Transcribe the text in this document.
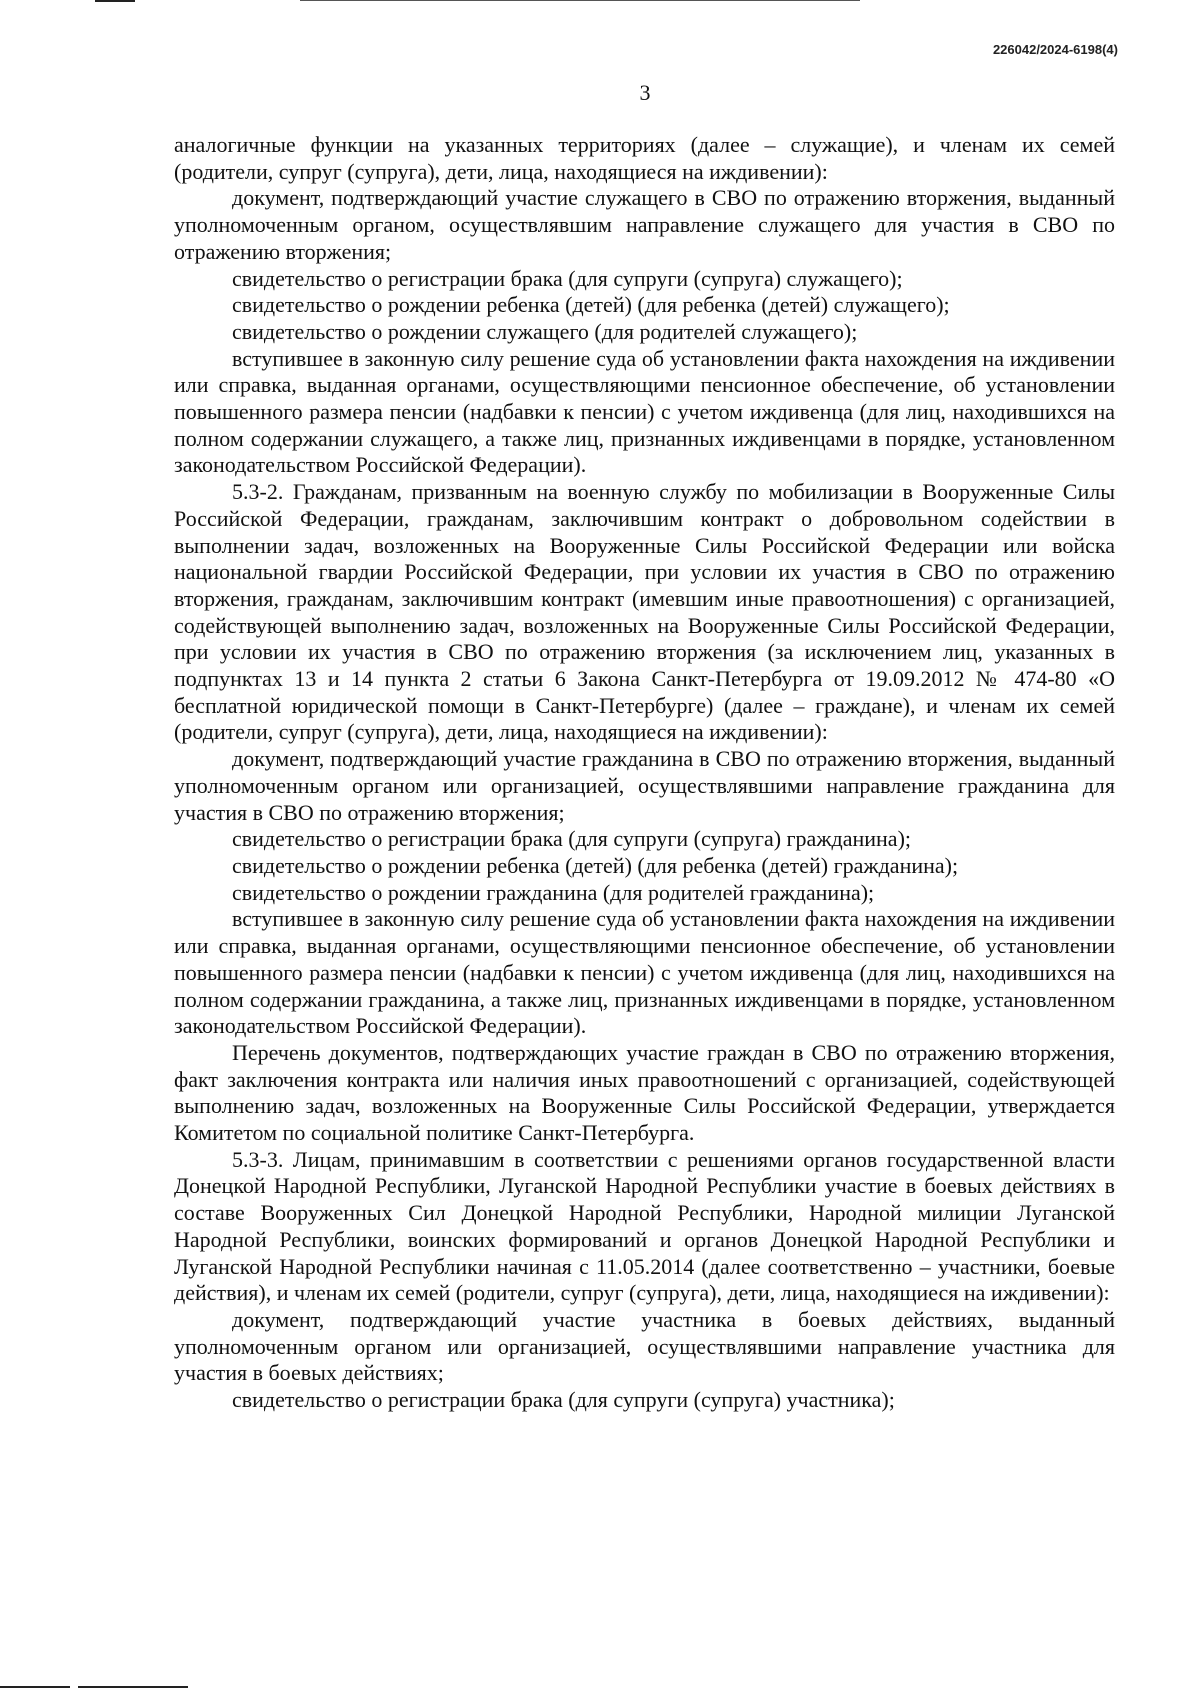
226042/2024-6198(4)
3

аналогичные функции на указанных территориях (далее – служащие), и членам их семей (родители, супруг (супруга), дети, лица, находящиеся на иждивении):

документ, подтверждающий участие служащего в СВО по отражению вторжения, выданный уполномоченным органом, осуществлявшим направление служащего для участия в СВО по отражению вторжения;

свидетельство о регистрации брака (для супруги (супруга) служащего);

свидетельство о рождении ребенка (детей) (для ребенка (детей) служащего);

свидетельство о рождении служащего (для родителей служащего);

вступившее в законную силу решение суда об установлении факта нахождения на иждивении или справка, выданная органами, осуществляющими пенсионное обеспечение, об установлении повышенного размера пенсии (надбавки к пенсии) с учетом иждивенца (для лиц, находившихся на полном содержании служащего, а также лиц, признанных иждивенцами в порядке, установленном законодательством Российской Федерации).

5.3-2. Гражданам, призванным на военную службу по мобилизации в Вооруженные Силы Российской Федерации, гражданам, заключившим контракт о добровольном содействии в выполнении задач, возложенных на Вооруженные Силы Российской Федерации или войска национальной гвардии Российской Федерации, при условии их участия в СВО по отражению вторжения, гражданам, заключившим контракт (имевшим иные правоотношения) с организацией, содействующей выполнению задач, возложенных на Вооруженные Силы Российской Федерации, при условии их участия в СВО по отражению вторжения (за исключением лиц, указанных в подпунктах 13 и 14 пункта 2 статьи 6 Закона Санкт-Петербурга от 19.09.2012 № 474-80 «О бесплатной юридической помощи в Санкт-Петербурге) (далее – граждане), и членам их семей (родители, супруг (супруга), дети, лица, находящиеся на иждивении):

документ, подтверждающий участие гражданина в СВО по отражению вторжения, выданный уполномоченным органом или организацией, осуществлявшими направление гражданина для участия в СВО по отражению вторжения;

свидетельство о регистрации брака (для супруги (супруга) гражданина);

свидетельство о рождении ребенка (детей) (для ребенка (детей) гражданина);

свидетельство о рождении гражданина (для родителей гражданина);

вступившее в законную силу решение суда об установлении факта нахождения на иждивении или справка, выданная органами, осуществляющими пенсионное обеспечение, об установлении повышенного размера пенсии (надбавки к пенсии) с учетом иждивенца (для лиц, находившихся на полном содержании гражданина, а также лиц, признанных иждивенцами в порядке, установленном законодательством Российской Федерации).

Перечень документов, подтверждающих участие граждан в СВО по отражению вторжения, факт заключения контракта или наличия иных правоотношений с организацией, содействующей выполнению задач, возложенных на Вооруженные Силы Российской Федерации, утверждается Комитетом по социальной политике Санкт-Петербурга.

5.3-3. Лицам, принимавшим в соответствии с решениями органов государственной власти Донецкой Народной Республики, Луганской Народной Республики участие в боевых действиях в составе Вооруженных Сил Донецкой Народной Республики, Народной милиции Луганской Народной Республики, воинских формирований и органов Донецкой Народной Республики и Луганской Народной Республики начиная с 11.05.2014 (далее соответственно – участники, боевые действия), и членам их семей (родители, супруг (супруга), дети, лица, находящиеся на иждивении):

документ, подтверждающий участие участника в боевых действиях, выданный уполномоченным органом или организацией, осуществлявшими направление участника для участия в боевых действиях;

свидетельство о регистрации брака (для супруги (супруга) участника);
